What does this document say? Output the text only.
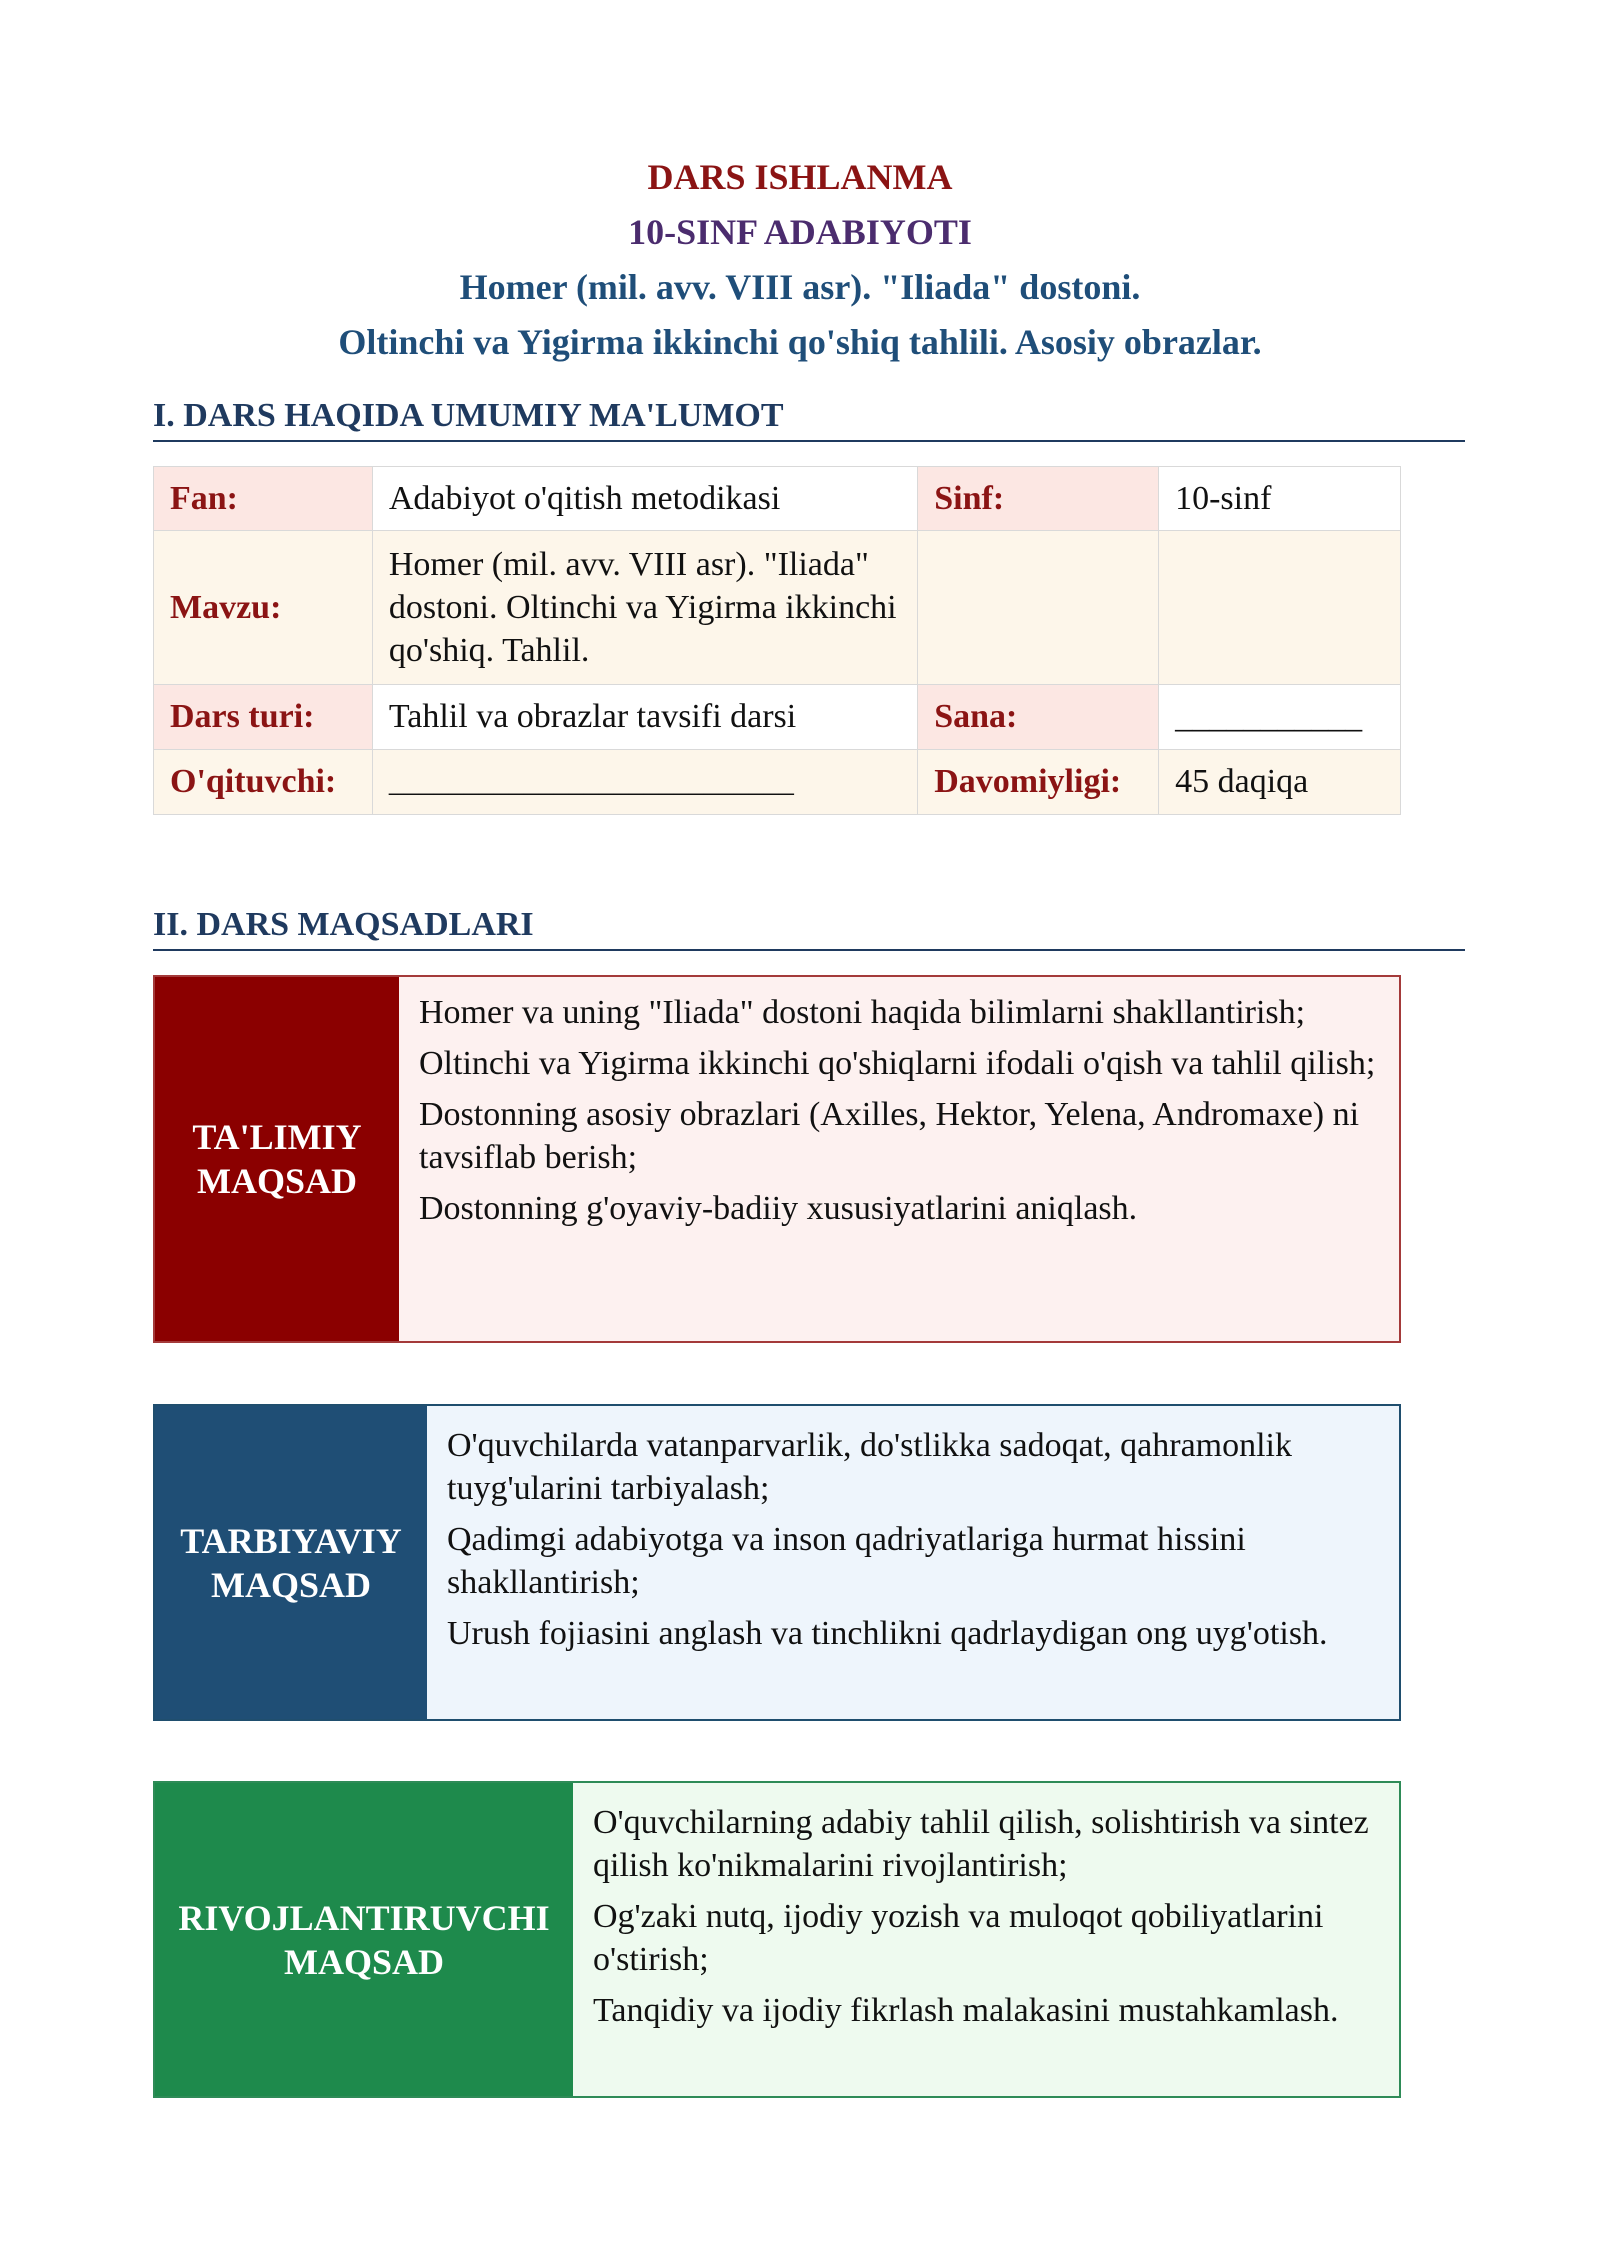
DARS ISHLANMA
10-SINF ADABIYOTI
Homer (mil. avv. VIII asr). "Iliada" dostoni.
Oltinchi va Yigirma ikkinchi qo'shiq tahlili. Asosiy obrazlar.
I. DARS HAQIDA UMUMIY MA'LUMOT
Fan:	Adabiyot o'qitish metodikasi	Sinf:	10-sinf
Mavzu:	Homer (mil. avv. VIII asr). "Iliada" dostoni. Oltinchi va Yigirma ikkinchi qo'shiq. Tahlil.		
Dars turi:	Tahlil va obrazlar tavsifi darsi	Sana:	___________
O'qituvchi:	___________________________	Davomiyligi:	45 daqiqa
II. DARS MAQSADLARI
TA'LIMIY MAQSAD

Homer va uning "Iliada" dostoni haqida bilimlarni shakllantirish;

Oltinchi va Yigirma ikkinchi qo'shiqlarni ifodali o'qish va tahlil qilish;

Dostonning asosiy obrazlari (Axilles, Hektor, Yelena, Andromaxe) ni tavsiflab berish;

Dostonning g'oyaviy-badiiy xususiyatlarini aniqlash.

TARBIYAVIY MAQSAD

O'quvchilarda vatanparvarlik, do'stlikka sadoqat, qahramonlik tuyg'ularini tarbiyalash;

Qadimgi adabiyotga va inson qadriyatlariga hurmat hissini shakllantirish;

Urush fojiasini anglash va tinchlikni qadrlaydigan ong uyg'otish.

RIVOJLANTIRUVCHI MAQSAD

O'quvchilarning adabiy tahlil qilish, solishtirish va sintez qilish ko'nikmalarini rivojlantirish;

Og'zaki nutq, ijodiy yozish va muloqot qobiliyatlarini o'stirish;

Tanqidiy va ijodiy fikrlash malakasini mustahkamlash.
